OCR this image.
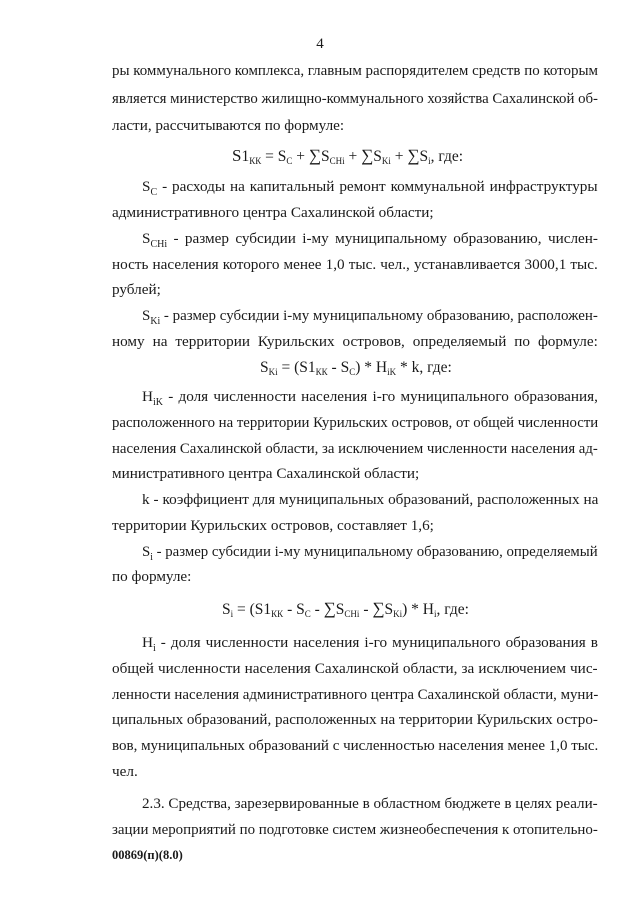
4
ры коммунального комплекса, главным распорядителем средств по которым
является министерство жилищно-коммунального хозяйства Сахалинской об-
ласти, рассчитываются по формуле:
$S1_{КК} = S_C + \sum S_{CHi} + \sum S_{Ki} + \sum S_i$, где:
$S_C$ - расходы на капитальный ремонт коммунальной инфраструктуры
административного центра Сахалинской области;
$S_{CHi}$ - размер субсидии i-му муниципальному образованию, числен-
ность населения которого менее 1,0 тыс. чел., устанавливается 3000,1 тыс.
рублей;
$S_{Ki}$ - размер субсидии i-му муниципальному образованию, расположен-
ному на территории Курильских островов, определяемый по формуле:
$S_{Ki} = (S1_{КК} - S_C) * Н_{iK} * k$, где:
$Н_{iK}$ - доля численности населения i-го муниципального образования,
расположенного на территории Курильских островов, от общей численности
населения Сахалинской области, за исключением численности населения ад-
министративного центра Сахалинской области;
k - коэффициент для муниципальных образований, расположенных на
территории Курильских островов, составляет 1,6;
$S_i$ - размер субсидии i-му муниципальному образованию, определяемый
по формуле:
$S_i = (S1_{КК} - S_C - \sum S_{CHi} - \sum S_{Ki}) * Н_i$, где:
$Н_i$ - доля численности населения i-го муниципального образования в
общей численности населения Сахалинской области, за исключением чис-
ленности населения административного центра Сахалинской области, муни-
ципальных образований, расположенных на территории Курильских остро-
вов, муниципальных образований с численностью населения менее 1,0 тыс.
чел.
2.3. Средства, зарезервированные в областном бюджете в целях реали-
зации мероприятий по подготовке систем жизнеобеспечения к отопительно-
00869(п)(8.0)
